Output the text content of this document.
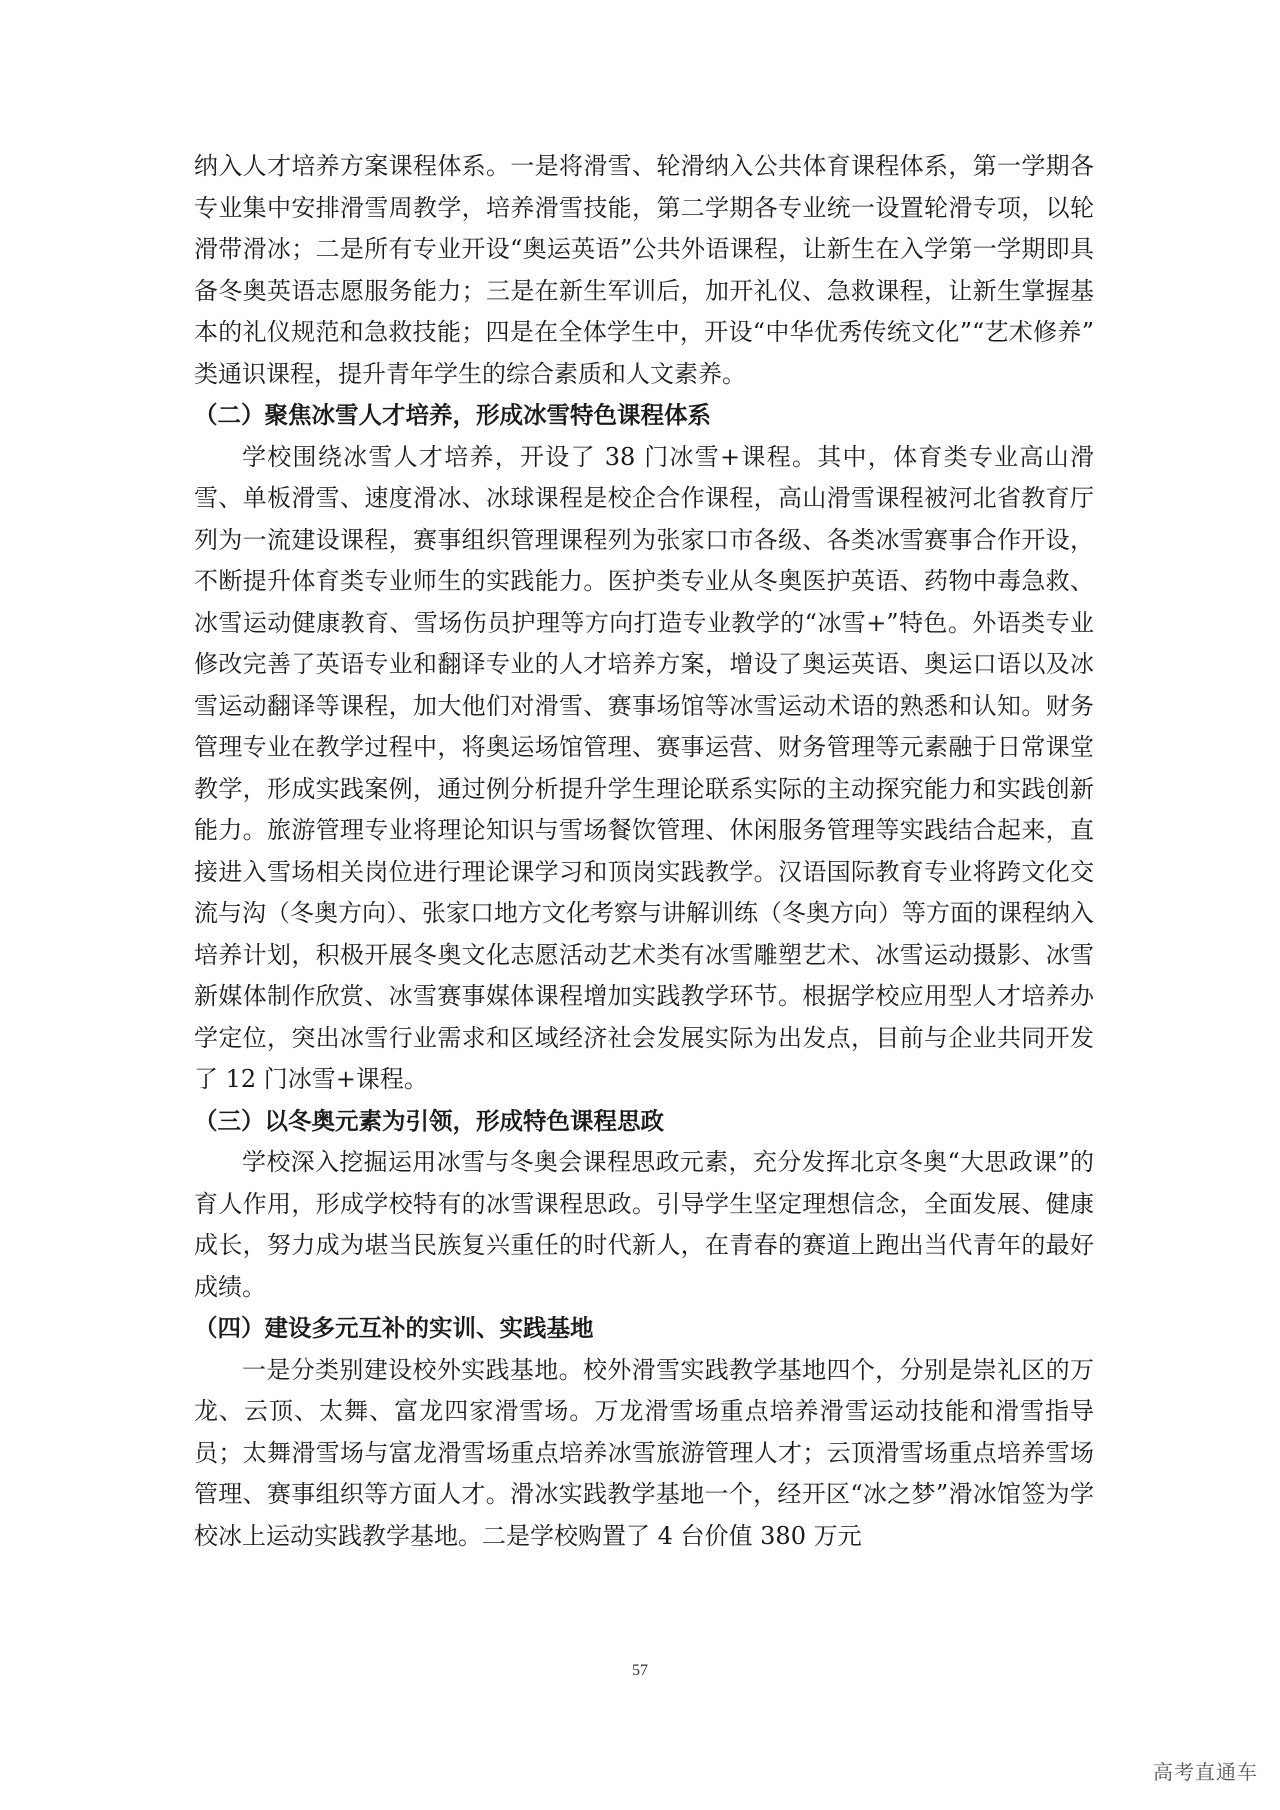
纳入人才培养方案课程体系。一是将滑雪、轮滑纳入公共体育课程体系，第一学期各专业集中安排滑雪周教学，培养滑雪技能，第二学期各专业统一设置轮滑专项，以轮滑带滑冰；二是所有专业开设“奥运英语”公共外语课程，让新生在入学第一学期即具备冬奥英语志愿服务能力；三是在新生军训后，加开礼仪、急救课程，让新生掌握基本的礼仪规范和急救技能；四是在全体学生中，开设“中华优秀传统文化”“艺术修养”类通识课程，提升青年学生的综合素质和人文素养。

（二）聚焦冰雪人才培养，形成冰雪特色课程体系

学校围绕冰雪人才培养，开设了 38 门冰雪+课程。其中，体育类专业高山滑雪、单板滑雪、速度滑冰、冰球课程是校企合作课程，高山滑雪课程被河北省教育厅列为一流建设课程，赛事组织管理课程列为张家口市各级、各类冰雪赛事合作开设，不断提升体育类专业师生的实践能力。医护类专业从冬奥医护英语、药物中毒急救、冰雪运动健康教育、雪场伤员护理等方向打造专业教学的“冰雪+”特色。外语类专业修改完善了英语专业和翻译专业的人才培养方案，增设了奥运英语、奥运口语以及冰雪运动翻译等课程，加大他们对滑雪、赛事场馆等冰雪运动术语的熟悉和认知。财务管理专业在教学过程中，将奥运场馆管理、赛事运营、财务管理等元素融于日常课堂教学，形成实践案例，通过例分析提升学生理论联系实际的主动探究能力和实践创新能力。旅游管理专业将理论知识与雪场餐饮管理、休闲服务管理等实践结合起来，直接进入雪场相关岗位进行理论课学习和顶岗实践教学。汉语国际教育专业将跨文化交流与沟（冬奥方向）、张家口地方文化考察与讲解训练（冬奥方向）等方面的课程纳入培养计划，积极开展冬奥文化志愿活动艺术类有冰雪雕塑艺术、冰雪运动摄影、冰雪新媒体制作欣赏、冰雪赛事媒体课程增加实践教学环节。根据学校应用型人才培养办学定位，突出冰雪行业需求和区域经济社会发展实际为出发点，目前与企业共同开发了 12 门冰雪+课程。

（三）以冬奥元素为引领，形成特色课程思政

学校深入挖掘运用冰雪与冬奥会课程思政元素，充分发挥北京冬奥“大思政课”的育人作用，形成学校特有的冰雪课程思政。引导学生坚定理想信念，全面发展、健康成长，努力成为堪当民族复兴重任的时代新人，在青春的赛道上跑出当代青年的最好成绩。

（四）建设多元互补的实训、实践基地

一是分类别建设校外实践基地。校外滑雪实践教学基地四个，分别是崇礼区的万龙、云顶、太舞、富龙四家滑雪场。万龙滑雪场重点培养滑雪运动技能和滑雪指导员；太舞滑雪场与富龙滑雪场重点培养冰雪旅游管理人才；云顶滑雪场重点培养雪场管理、赛事组织等方面人才。滑冰实践教学基地一个，经开区“冰之梦”滑冰馆签为学校冰上运动实践教学基地。二是学校购置了 4 台价值 380 万元

57
高考直通车
